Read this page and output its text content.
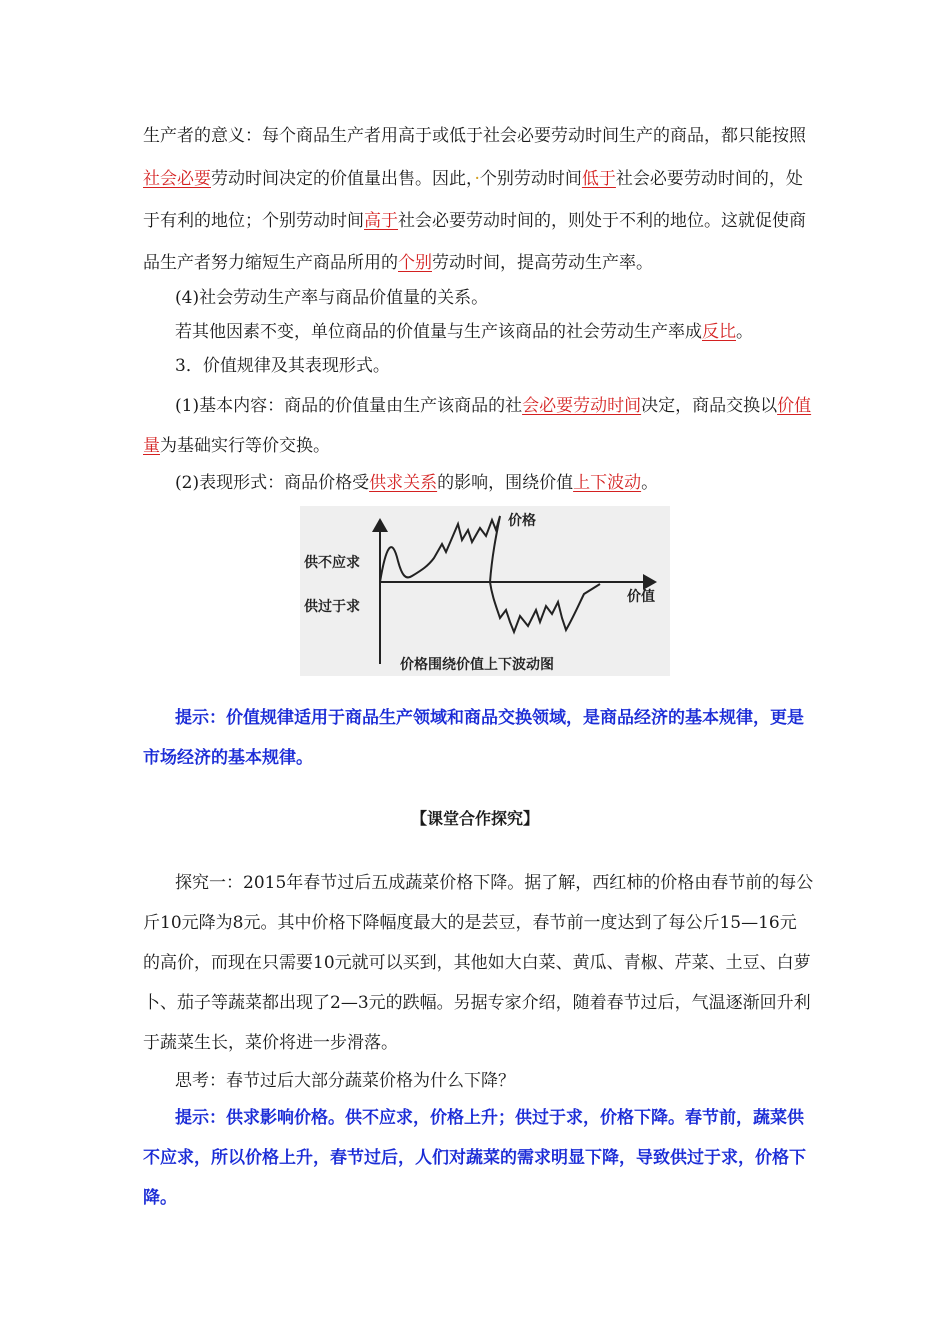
生产者的意义：每个商品生产者用高于或低于社会必要劳动时间生产的商品，都只能按照
社会必要劳动时间决定的价值量出售。因此，·个别劳动时间低于社会必要劳动时间的，处
于有利的地位；个别劳动时间高于社会必要劳动时间的，则处于不利的地位。这就促使商
品生产者努力缩短生产商品所用的个别劳动时间，提高劳动生产率。
(4)社会劳动生产率与商品价值量的关系。
若其他因素不变，单位商品的价值量与生产该商品的社会劳动生产率成反比。
3．价值规律及其表现形式。
(1)基本内容：商品的价值量由生产该商品的社会必要劳动时间决定，商品交换以价值
量为基础实行等价交换。
(2)表现形式：商品价格受供求关系的影响，围绕价值上下波动。
价格
价值
供不应求
供过于求
价格围绕价值上下波动图
提示：价值规律适用于商品生产领域和商品交换领域，是商品经济的基本规律，更是
市场经济的基本规律。
【课堂合作探究】
探究一：2015年春节过后五成蔬菜价格下降。据了解，西红柿的价格由春节前的每公
斤10元降为8元。其中价格下降幅度最大的是芸豆，春节前一度达到了每公斤15—16元
的高价，而现在只需要10元就可以买到，其他如大白菜、黄瓜、青椒、芹菜、土豆、白萝
卜、茄子等蔬菜都出现了2—3元的跌幅。另据专家介绍，随着春节过后，气温逐渐回升利
于蔬菜生长，菜价将进一步滑落。
思考：春节过后大部分蔬菜价格为什么下降？
提示：供求影响价格。供不应求，价格上升；供过于求，价格下降。春节前，蔬菜供
不应求，所以价格上升，春节过后，人们对蔬菜的需求明显下降，导致供过于求，价格下
降。
